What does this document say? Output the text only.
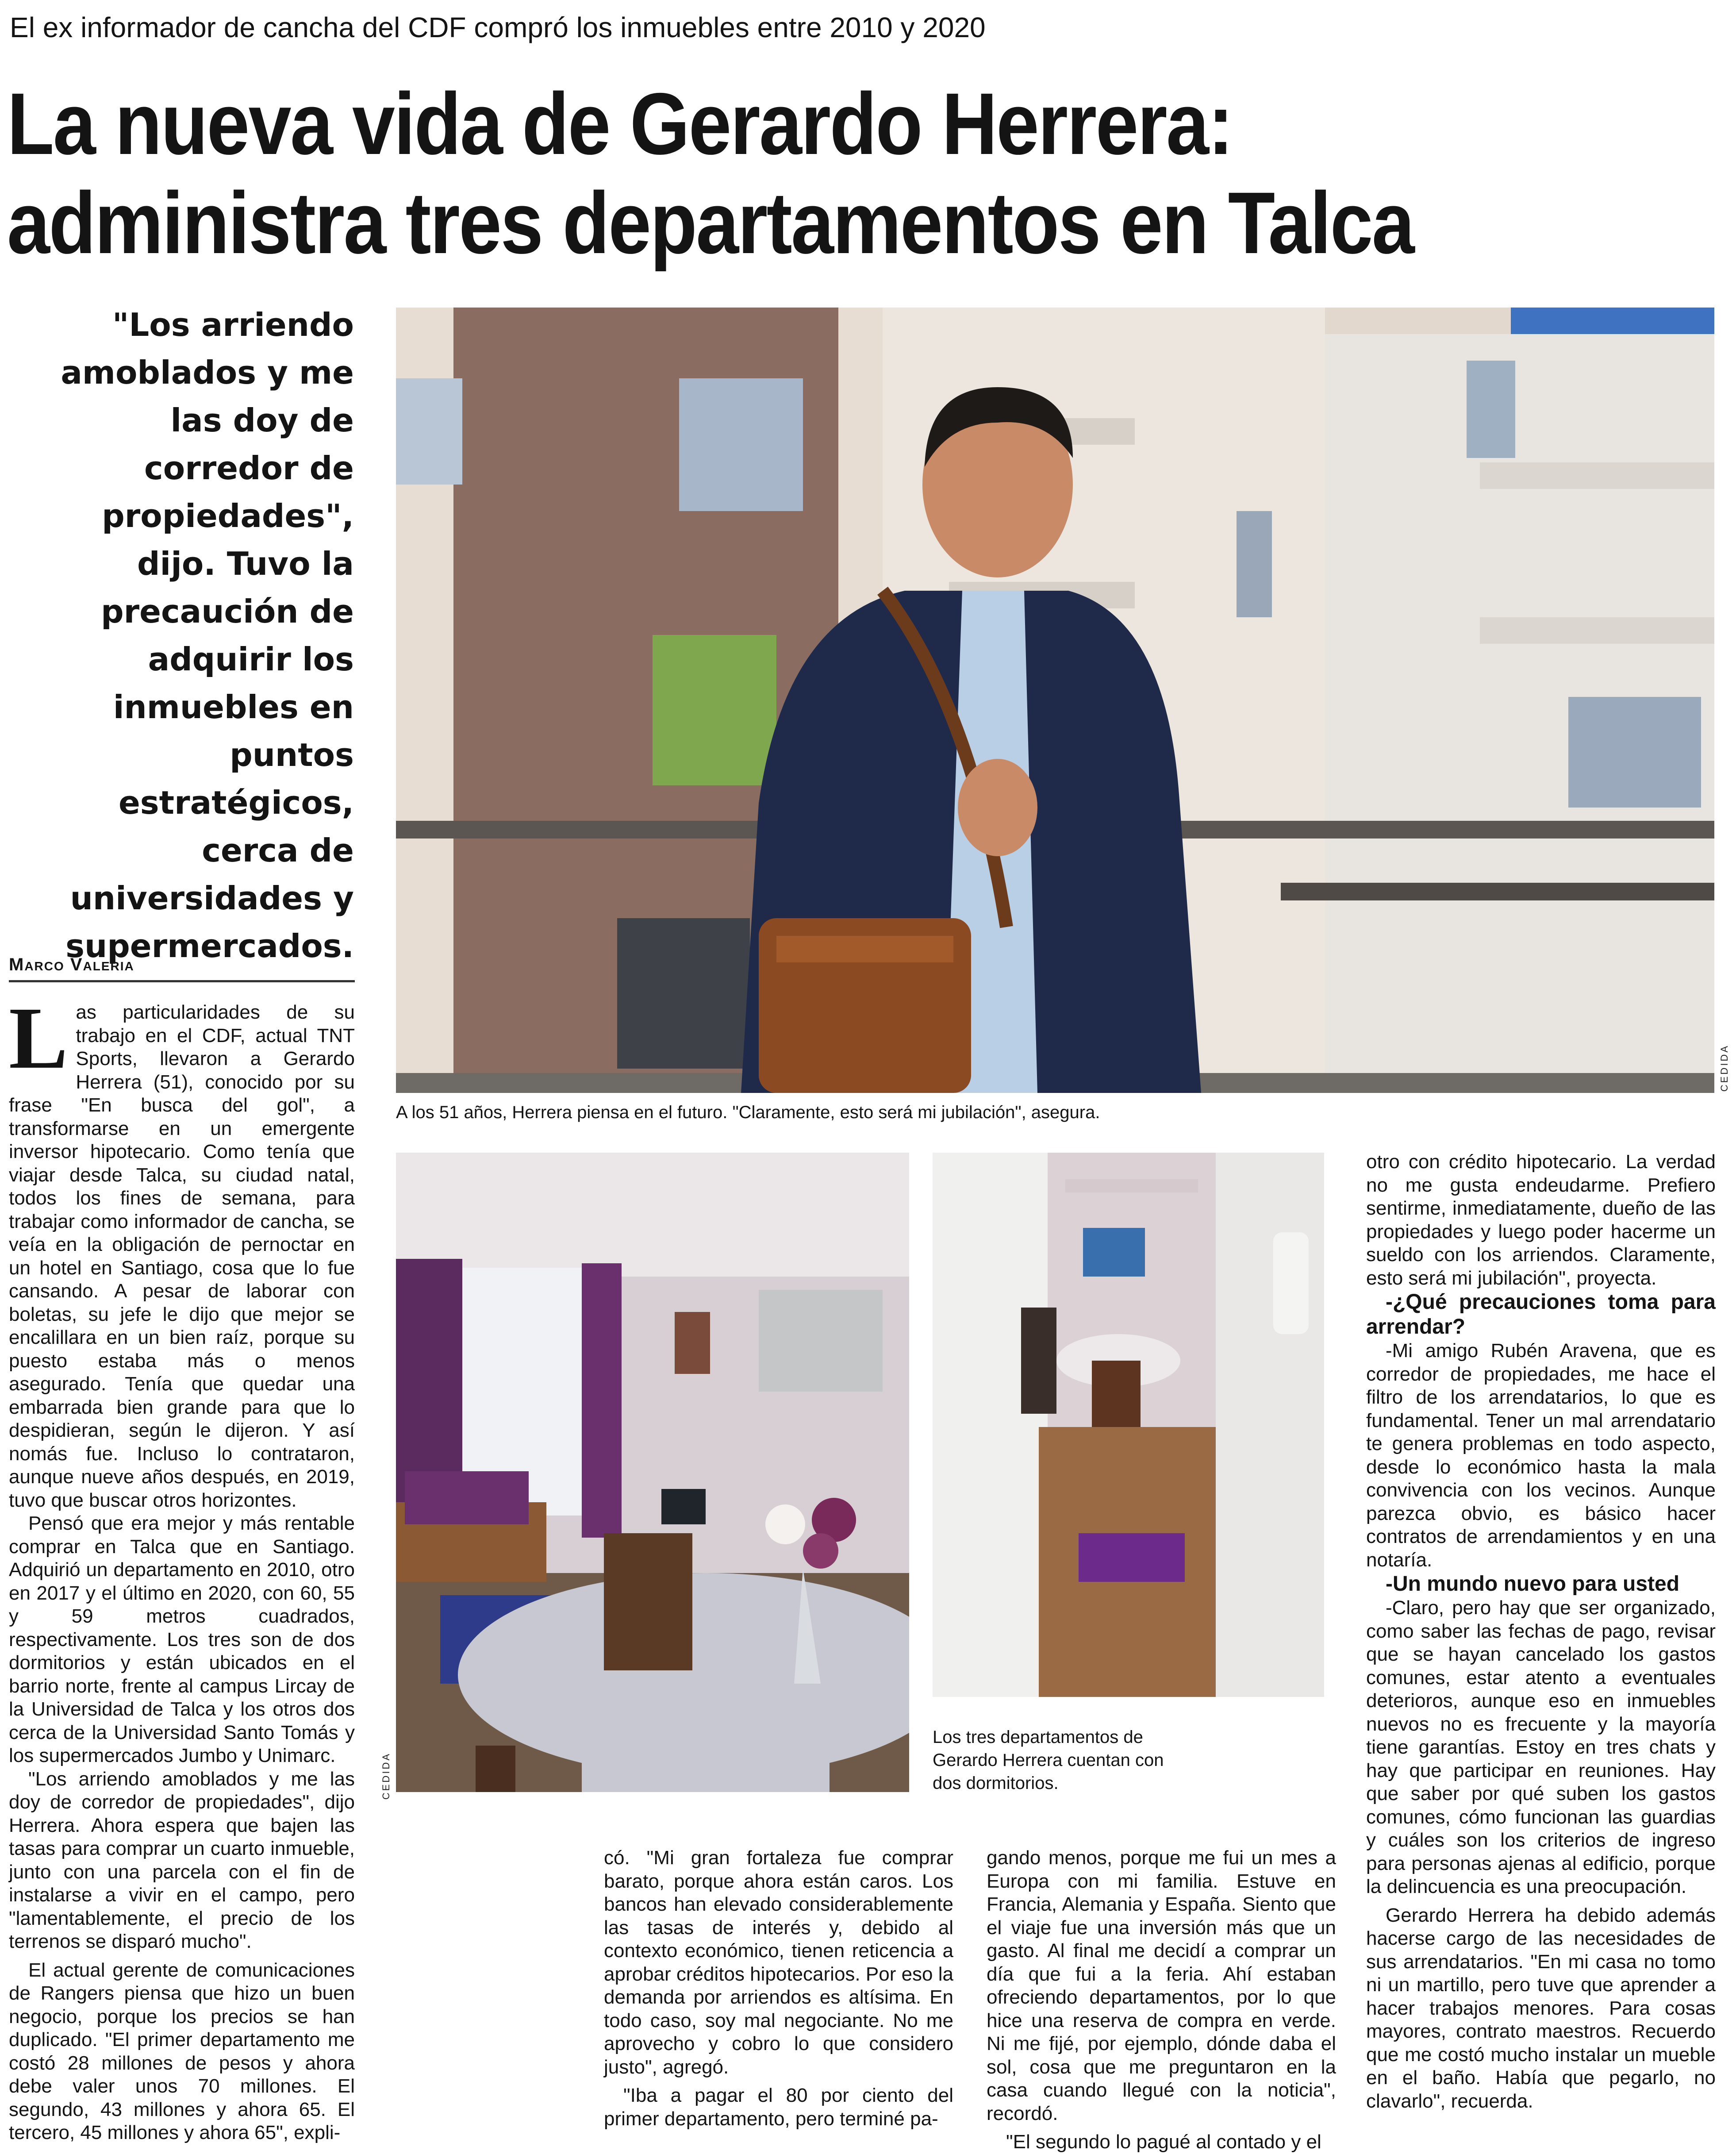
El ex informador de cancha del CDF compró los inmuebles entre 2010 y 2020
La nueva vida de Gerardo Herrera:
administra tres departamentos en Talca
"Los arriendo amoblados y me las doy de corredor de propiedades", dijo. Tuvo la precaución de adquirir los inmuebles en puntos estratégicos, cerca de universidades y supermercados.
CEDIDA
A los 51 años, Herrera piensa en el futuro. "Claramente, esto será mi jubilación", asegura.
CEDIDA
Los tres departamentos de Gerardo Herrera cuentan con dos dormitorios.
Marco Valeria

Las particularidades de su trabajo en el CDF, actual TNT Sports, llevaron a Gerardo Herrera (51), conocido por su frase "En busca del gol", a transformarse en un emergente inversor hipotecario. Como tenía que viajar desde Talca, su ciudad natal, todos los fines de semana, para trabajar como informador de cancha, se veía en la obligación de pernoctar en un hotel en Santiago, cosa que lo fue cansando. A pesar de laborar con boletas, su jefe le dijo que mejor se encalillara en un bien raíz, porque su puesto estaba más o menos asegurado. Tenía que quedar una embarrada bien grande para que lo despidieran, según le dijeron. Y así nomás fue. Incluso lo contrataron, aunque nueve años después, en 2019, tuvo que buscar otros horizontes.

Pensó que era mejor y más rentable comprar en Talca que en Santiago. Adquirió un departamento en 2010, otro en 2017 y el último en 2020, con 60, 55 y 59 metros cuadrados, respectivamente. Los tres son de dos dormitorios y están ubicados en el barrio norte, frente al campus Lircay de la Universidad de Talca y los otros dos cerca de la Universidad Santo Tomás y los supermercados Jumbo y Unimarc.

"Los arriendo amoblados y me las doy de corredor de propiedades", dijo Herrera. Ahora espera que bajen las tasas para comprar un cuarto inmueble, junto con una parcela con el fin de instalarse a vivir en el campo, pero "lamentablemente, el precio de los terrenos se disparó mucho".

El actual gerente de comunicaciones de Rangers piensa que hizo un buen negocio, porque los precios se han duplicado. "El primer departamento me costó 28 millones de pesos y ahora debe valer unos 70 millones. El segundo, 43 millones y ahora 65. El tercero, 45 millones y ahora 65", expli-

có. "Mi gran fortaleza fue comprar barato, porque ahora están caros. Los bancos han elevado considerablemente las tasas de interés y, debido al contexto económico, tienen reticencia a aprobar créditos hipotecarios. Por eso la demanda por arriendos es altísima. En todo caso, soy mal negociante. No me aprovecho y cobro lo que considero justo", agregó.

"Iba a pagar el 80 por ciento del primer departamento, pero terminé pa-

gando menos, porque me fui un mes a Europa con mi familia. Estuve en Francia, Alemania y España. Siento que el viaje fue una inversión más que un gasto. Al final me decidí a comprar un día que fui a la feria. Ahí estaban ofreciendo departamentos, por lo que hice una reserva de compra en verde. Ni me fijé, por ejemplo, dónde daba el sol, cosa que me preguntaron en la casa cuando llegué con la noticia", recordó.

"El segundo lo pagué al contado y el

otro con crédito hipotecario. La verdad no me gusta endeudarme. Prefiero sentirme, inmediatamente, dueño de las propiedades y luego poder hacerme un sueldo con los arriendos. Claramente, esto será mi jubilación", proyecta.

-¿Qué precauciones toma para arrendar?

-Mi amigo Rubén Aravena, que es corredor de propiedades, me hace el filtro de los arrendatarios, lo que es fundamental. Tener un mal arrendatario te genera problemas en todo aspecto, desde lo económico hasta la mala convivencia con los vecinos. Aunque parezca obvio, es básico hacer contratos de arrendamientos y en una notaría.

-Un mundo nuevo para usted

-Claro, pero hay que ser organizado, como saber las fechas de pago, revisar que se hayan cancelado los gastos comunes, estar atento a eventuales deterioros, aunque eso en inmuebles nuevos no es frecuente y la mayoría tiene garantías. Estoy en tres chats y hay que participar en reuniones. Hay que saber por qué suben los gastos comunes, cómo funcionan las guardias y cuáles son los criterios de ingreso para personas ajenas al edificio, porque la delincuencia es una preocupación.

Gerardo Herrera ha debido además hacerse cargo de las necesidades de sus arrendatarios. "En mi casa no tomo ni un martillo, pero tuve que aprender a hacer trabajos menores. Para cosas mayores, contrato maestros. Recuerdo que me costó mucho instalar un mueble en el baño. Había que pegarlo, no clavarlo", recuerda.
